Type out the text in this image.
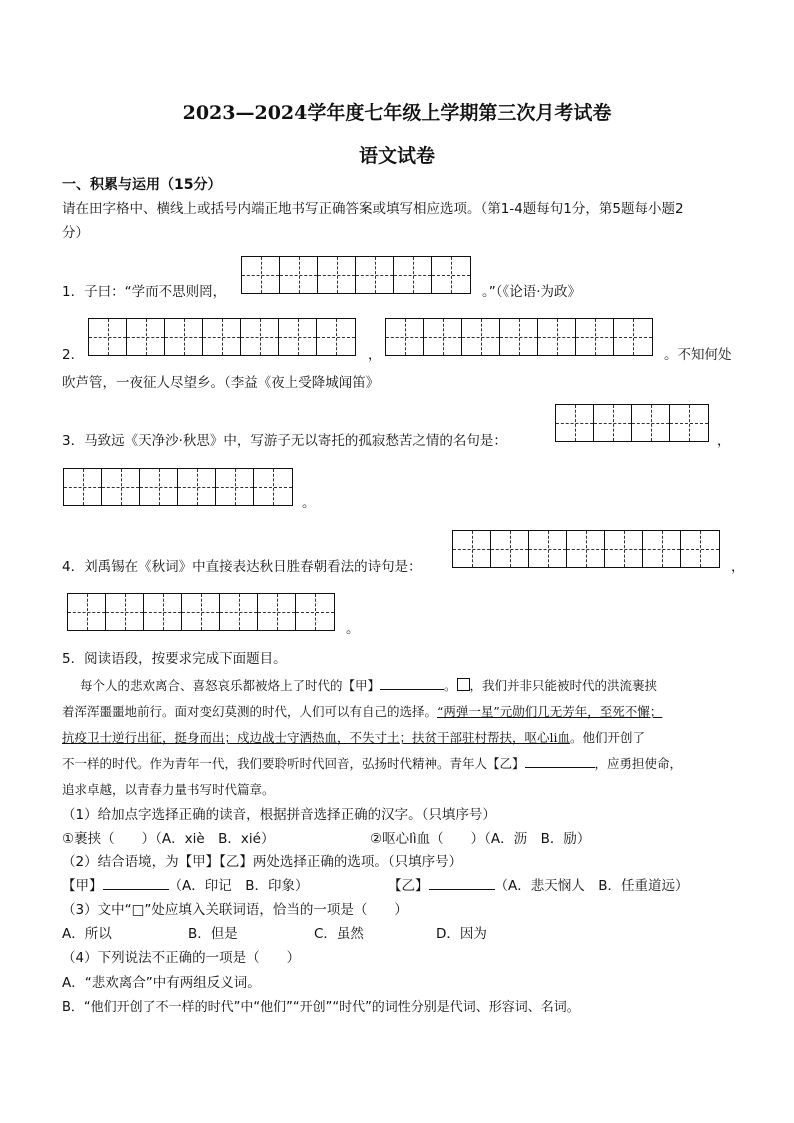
2023—2024学年度七年级上学期第三次月考试卷
语文试卷
一、积累与运用（15分）
请在田字格中、横线上或括号内端正地书写正确答案或填写相应选项。（第1-4题每句1分，第5题每小题2
分）
1．子曰：“学而不思则罔，	。”（《论语·为政》
2．	，	。不知何处
吹芦管，一夜征人尽望乡。（李益《夜上受降城闻笛》
3．马致远《天净沙·秋思》中，写游子无以寄托的孤寂愁苦之情的名句是：	，
。
4．刘禹锡在《秋词》中直接表达秋日胜春朝看法的诗句是：	，
。
5．阅读语段，按要求完成下面题目。
每个人的悲欢离合、喜怒哀乐都被烙上了时代的【甲】	。 ，我们并非只能被时代的洪流裹挟
着浑浑噩噩地前行。面对变幻莫测的时代，人们可以有自己的选择。“两弹一星”元勋们几无芳年，至死不懈；
抗疫卫士逆行出征，挺身而出；戍边战士守洒热血，不失寸土；扶贫干部驻村帮扶，呕心li血。他们开创了
不一样的时代。作为青年一代，我们要聆听时代回音，弘扬时代精神。青年人【乙】	，应勇担使命，
追求卓越，以青春力量书写时代篇章。
（1）给加点字选择正确的读音，根据拼音选择正确的汉字。（只填序号）
①裹挟（　　）（A．xiè　B．xié）	②呕心lì血（　　）（A．沥　B．励）
（2）结合语境，为【甲】【乙】两处选择正确的选项。（只填序号）
【甲】	（A．印记　B．印象）	【乙】	（A．悲天悯人　B．任重道远）
（3）文中“□”处应填入关联词语，恰当的一项是（　　）
A．所以	B．但是	C．虽然	D．因为
（4）下列说法不正确的一项是（　　）
A．“悲欢离合”中有两组反义词。
B．“他们开创了不一样的时代”中“他们”“开创”“时代”的词性分别是代词、形容词、名词。
